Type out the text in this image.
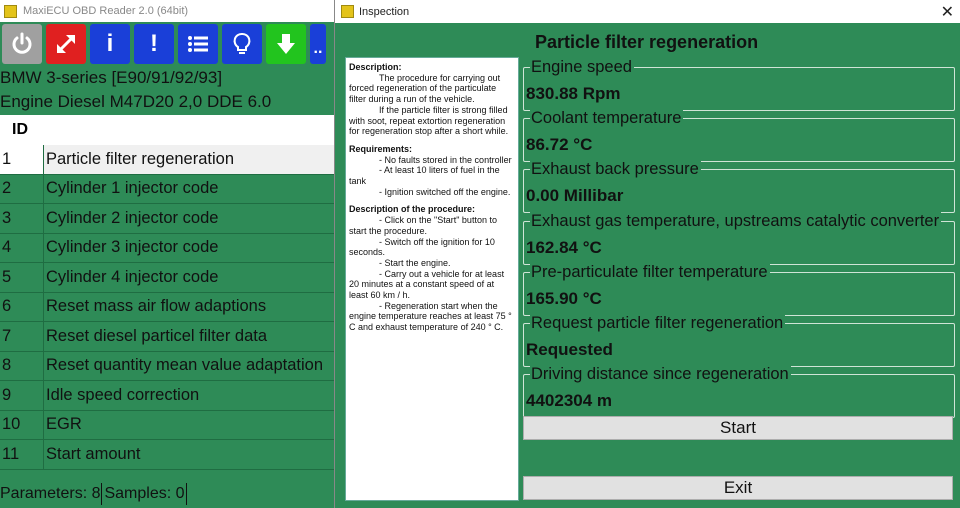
MaxiECU OBD Reader 2.0 (64bit)
i	!	..
BMW 3-series [E90/91/92/93]
Engine Diesel M47D20 2,0 DDE 6.0
ID
1	Particle filter regeneration
2	Cylinder 1 injector code
3	Cylinder 2 injector code
4	Cylinder 3 injector code
5	Cylinder 4 injector code
6	Reset mass air flow adaptions
7	Reset diesel particel filter data
8	Reset quantity mean value adaptation
9	Idle speed correction
10	EGR
11	Start amount
Parameters: 8 Samples: 0
Inspection	✕
Particle filter regeneration
Description:
The procedure for carrying out forced regeneration of the particulate filter during a run of the vehicle.
If the particle filter is strong filled with soot, repeat extortion regeneration for regeneration stop after a short while.
Requirements:
- No faults stored in the controller
- At least 10 liters of fuel in the tank
- Ignition switched off the engine.
Description of the procedure:
- Click on the "Start" button to start the procedure.
- Switch off the ignition for 10 seconds.
- Start the engine.
- Carry out a vehicle for at least 20 minutes at a constant speed of at least 60 km / h.
- Regeneration start when the engine temperature reaches at least 75 ° C and exhaust temperature of 240 ° C.
Engine speed
830.88 Rpm
Coolant temperature
86.72 °C
Exhaust back pressure
0.00 Millibar
Exhaust gas temperature, upstreams catalytic converter
162.84 °C
Pre-particulate filter temperature
165.90 °C
Request particle filter regeneration
Requested
Driving distance since regeneration
4402304 m
Start
Exit
